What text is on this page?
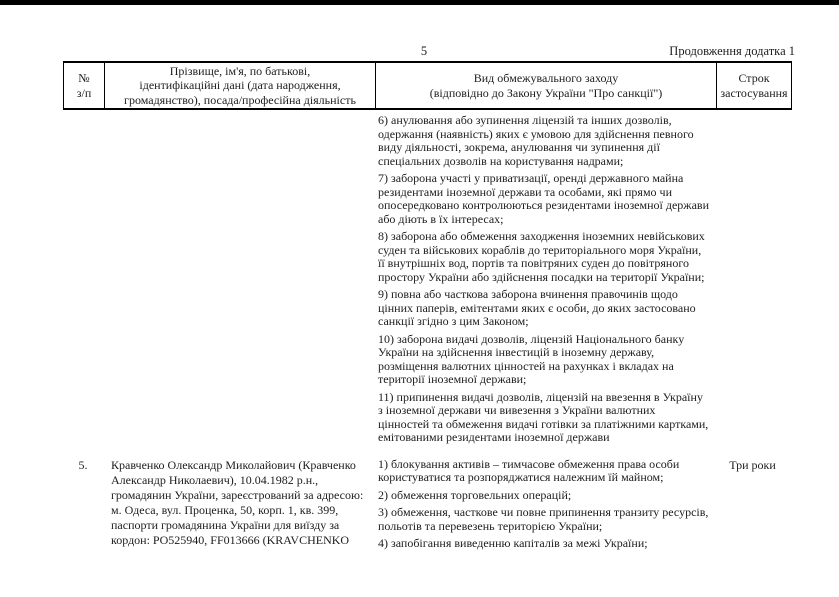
5	Продовження додатка 1
№
з/п
Прізвище, ім'я, по батькові,
ідентифікаційні дані (дата народження,
громадянство), посада/професійна діяльність
Вид обмежувального заходу
(відповідно до Закону України "Про санкції")
Строк
застосування

6) анулювання або зупинення ліцензій та інших дозволів, одержання (наявність) яких є умовою для здійснення певного виду діяльності, зокрема, анулювання чи зупинення дії спеціальних дозволів на користування надрами;

7) заборона участі у приватизації, оренді державного майна резидентами іноземної держави та особами, які прямо чи опосередковано контролюються резидентами іноземної держави або діють в їх інтересах;

8) заборона або обмеження заходження іноземних невійськових суден та військових кораблів до територіального моря України, її внутрішніх вод, портів та повітряних суден до повітряного простору України або здійснення посадки на території України;

9) повна або часткова заборона вчинення правочинів щодо цінних паперів, емітентами яких є особи, до яких застосовано санкції згідно з цим Законом;

10) заборона видачі дозволів, ліцензій Національного банку України на здійснення інвестицій в іноземну державу, розміщення валютних цінностей на рахунках і вкладах на території іноземної держави;

11) припинення видачі дозволів, ліцензій на ввезення в Україну з іноземної держави чи вивезення з України валютних цінностей та обмеження видачі готівки за платіжними картками, емітованими резидентами іноземної держави

5.	Кравченко Олександр Миколайович (Кравченко Александр Николаевич), 10.04.1982 р.н., громадянин України, зареєстрований за адресою: м. Одеса, вул. Проценка, 50, корп. 1, кв. 399, паспорти громадянина України для виїзду за кордон: PO525940, FF013666 (KRAVCHENKO

1) блокування активів – тимчасове обмеження права особи користуватися та розпоряджатися належним їй майном;

2) обмеження торговельних операцій;

3) обмеження, часткове чи повне припинення транзиту ресурсів, польотів та перевезень територією України;

4) запобігання виведенню капіталів за межі України;

Три роки
